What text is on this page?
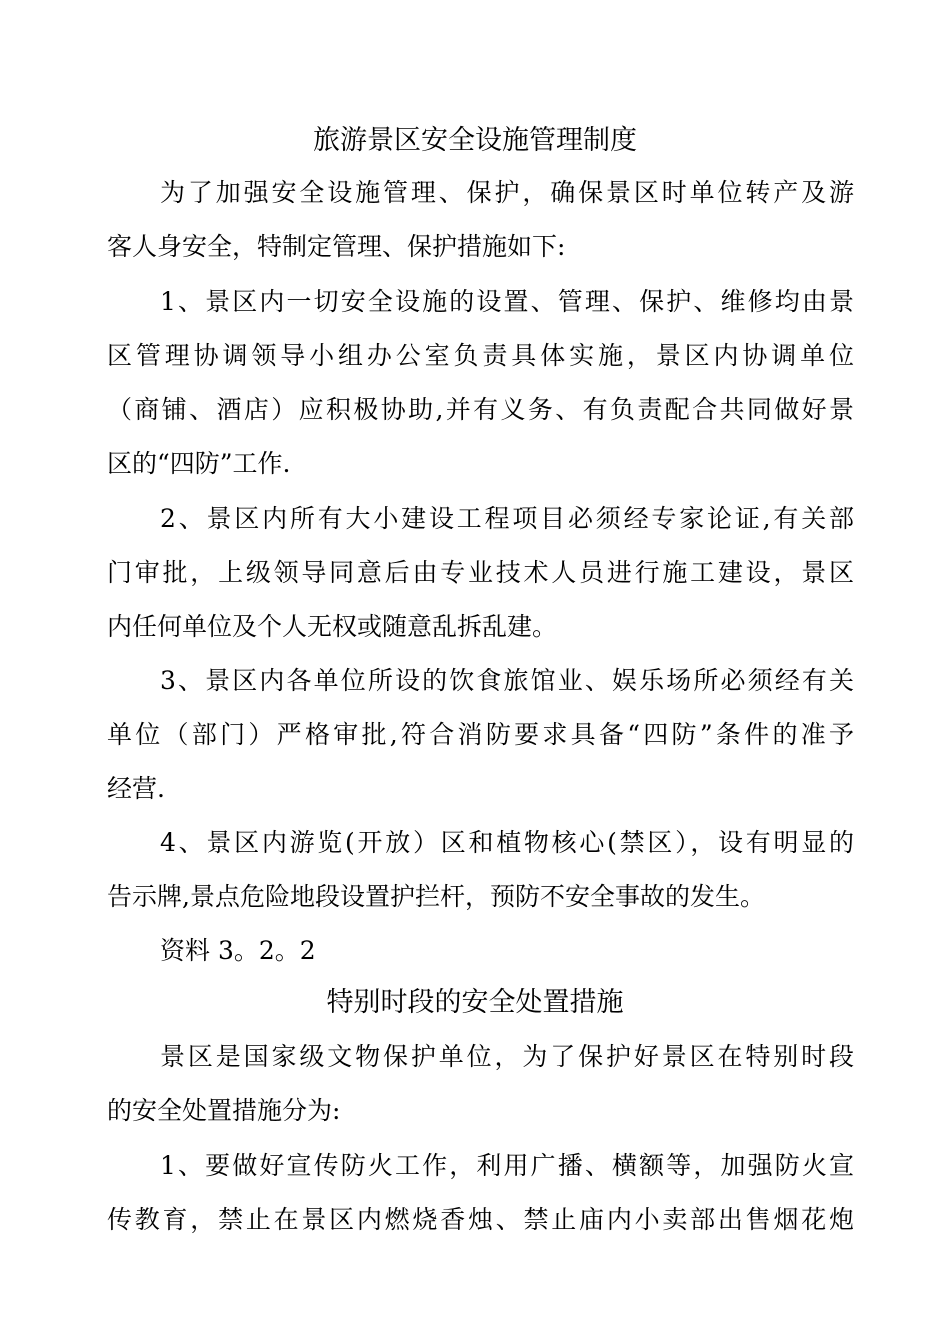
旅游景区安全设施管理制度
为了加强安全设施管理、保护，确保景区时单位转产及游
客人身安全，特制定管理、保护措施如下:
1、景区内一切安全设施的设置、管理、保护、维修均由景
区管理协调领导小组办公室负责具体实施，景区内协调单位
（商铺、酒店）应积极协助,并有义务、有负责配合共同做好景
区的“四防”工作.
2、景区内所有大小建设工程项目必须经专家论证,有关部
门审批，上级领导同意后由专业技术人员进行施工建设，景区
内任何单位及个人无权或随意乱拆乱建。
3、景区内各单位所设的饮食旅馆业、娱乐场所必须经有关
单位（部门）严格审批,符合消防要求具备“四防”条件的准予
经营.
4、景区内游览(开放）区和植物核心(禁区），设有明显的
告示牌,景点危险地段设置护拦杆，预防不安全事故的发生。
资料 3。2。2
特别时段的安全处置措施
景区是国家级文物保护单位，为了保护好景区在特别时段
的安全处置措施分为:
1、要做好宣传防火工作，利用广播、横额等，加强防火宣
传教育，禁止在景区内燃烧香烛、禁止庙内小卖部出售烟花炮
